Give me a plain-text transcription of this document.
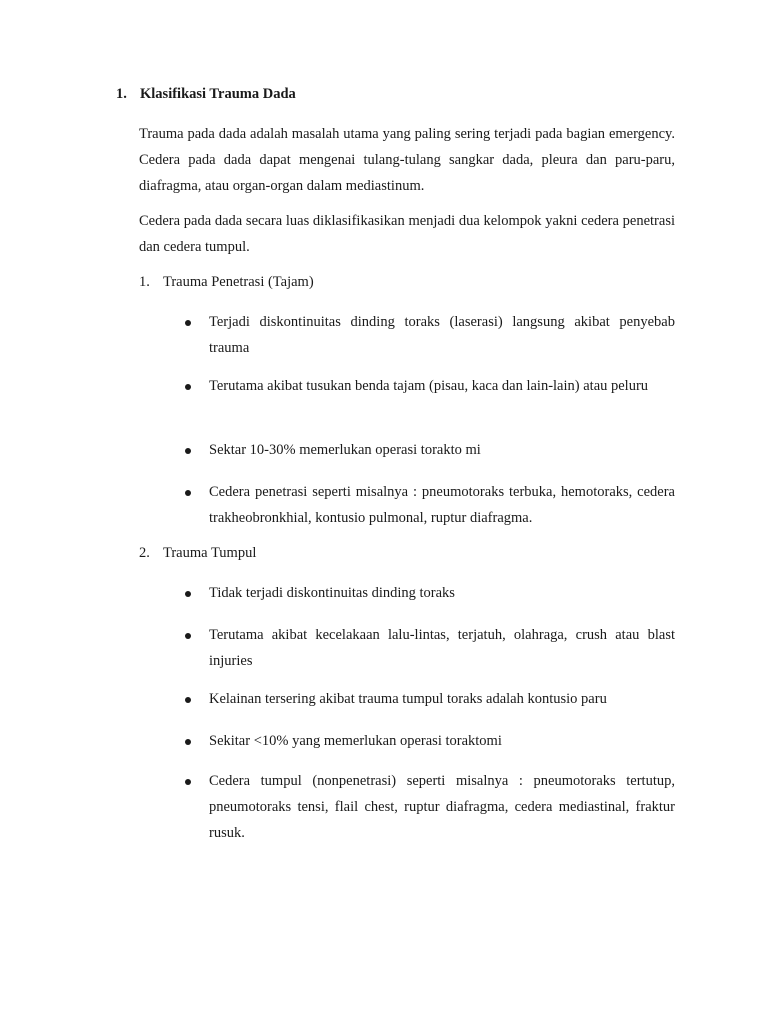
1. Klasifikasi Trauma Dada

Trauma pada dada adalah masalah utama yang paling sering terjadi pada bagian emergency. Cedera pada dada dapat mengenai tulang-tulang sangkar dada, pleura dan paru-paru, diafragma, atau organ-organ dalam mediastinum.

Cedera pada dada secara luas diklasifikasikan menjadi dua kelompok yakni cedera penetrasi dan cedera tumpul.

1. Trauma Penetrasi (Tajam)
Terjadi diskontinuitas dinding toraks (laserasi) langsung akibat penyebab trauma
Terutama akibat tusukan benda tajam (pisau, kaca dan lain-lain) atau peluru
Sektar 10-30% memerlukan operasi torakto mi
Cedera penetrasi seperti misalnya : pneumotoraks terbuka, hemotoraks, cedera trakheobronkhial, kontusio pulmonal, ruptur diafragma.
2. Trauma Tumpul
Tidak terjadi diskontinuitas dinding toraks
Terutama akibat kecelakaan lalu-lintas, terjatuh, olahraga, crush atau blast injuries
Kelainan tersering akibat trauma tumpul toraks adalah kontusio paru
Sekitar <10% yang memerlukan operasi toraktomi
Cedera tumpul (nonpenetrasi) seperti misalnya : pneumotoraks tertutup, pneumotoraks tensi, flail chest, ruptur diafragma, cedera mediastinal, fraktur rusuk.
